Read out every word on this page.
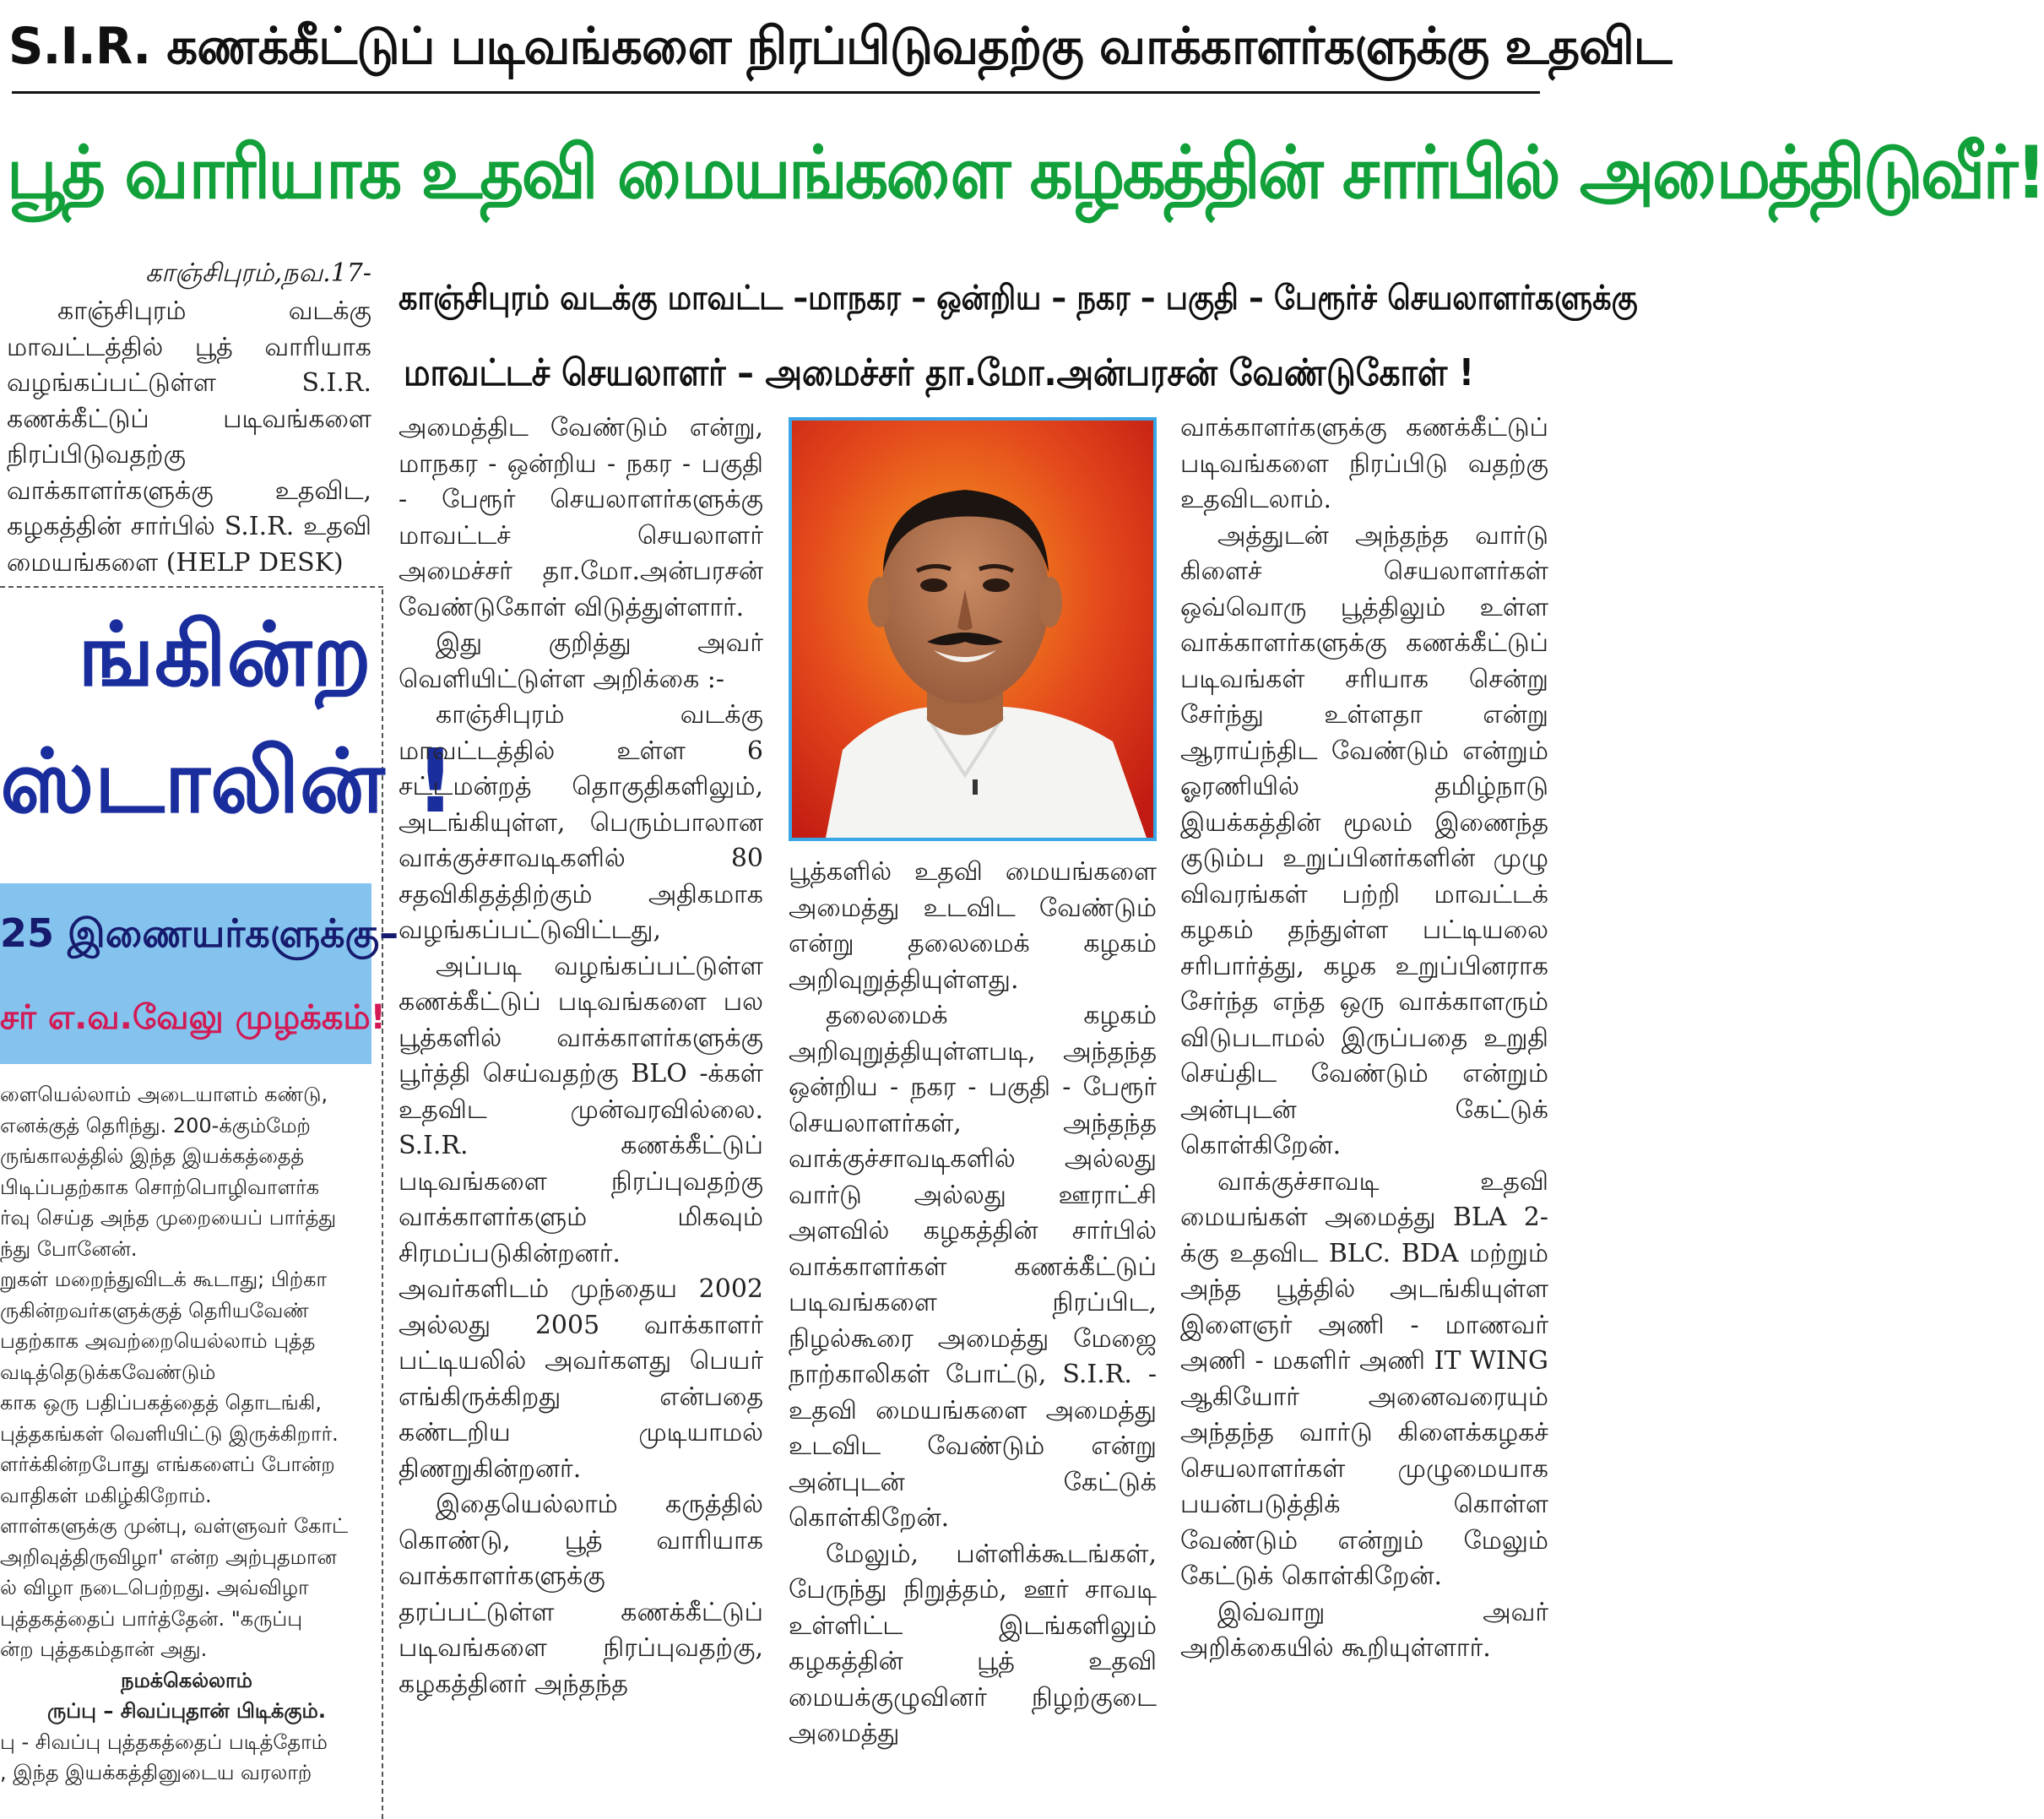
S.I.R. கணக்கீட்டுப் படிவங்களை நிரப்பிடுவதற்கு வாக்காளர்களுக்கு உதவிட
பூத் வாரியாக உதவி மையங்களை கழகத்தின் சார்பில் அமைத்திடுவீர்!
காஞ்சிபுரம்,நவ.17-
காஞ்சிபுரம் வடக்கு மாவட்டத்தில் பூத் வாரியாக வழங்கப்பட்டுள்ள S.I.R. கணக்கீட்டுப் படிவங்களை நிரப்பிடுவதற்கு வாக்காளர்களுக்கு உதவிட, கழகத்தின் சார்பில் S.I.R. உதவி மையங்களை (HELP DESK)
ங்கின்ற
ஸ்டாலின் !
25 இணையர்களுக்கு–
சர் எ.வ.வேலு முழக்கம்!
ளையெல்லாம் அடையாளம் கண்டு,
எனக்குத் தெரிந்து. 200-க்கும்மேற்
ருங்காலத்தில் இந்த இயக்கத்தைத்
பிடிப்பதற்காக சொற்பொழிவாளர்க
ர்வு செய்த அந்த முறையைப் பார்த்து
ந்து போனேன்.
றுகள் மறைந்துவிடக் கூடாது; பிற்கா
ருகின்றவர்களுக்குத் தெரியவேண்
பதற்காக அவற்றையெல்லாம் புத்த
வடித்தெடுக்கவேண்டும்
காக ஒரு பதிப்பகத்தைத் தொடங்கி,
புத்தகங்கள் வெளியிட்டு இருக்கிறார்.
ளர்க்கின்றபோது எங்களைப் போன்ற
வாதிகள் மகிழ்கிறோம்.
ளாள்களுக்கு முன்பு, வள்ளுவர் கோட்
அறிவுத்திருவிழா' என்ற அற்புதமான
ல் விழா நடைபெற்றது. அவ்விழா
புத்தகத்தைப் பார்த்தேன். "கருப்பு
ன்ற புத்தகம்தான் அது.
நமக்கெல்லாம்
ருப்பு – சிவப்புதான் பிடிக்கும்.
பு - சிவப்பு புத்தகத்தைப் படித்தோம்
, இந்த இயக்கத்தினுடைய வரலாற்
காஞ்சிபுரம் வடக்கு மாவட்ட –மாநகர – ஒன்றிய – நகர – பகுதி – பேரூர்ச் செயலாளர்களுக்கு
மாவட்டச் செயலாளர் – அமைச்சர் தா.மோ.அன்பரசன் வேண்டுகோள் !

அமைத்திட வேண்டும் என்று, மாநகர - ஒன்றிய - நகர - பகுதி - பேரூர் செயலாளர்களுக்கு மாவட்டச் செயலாளர் அமைச்சர் தா.மோ.அன்பரசன் வேண்டுகோள் விடுத்துள்ளார்.

இது குறித்து அவர் வெளியிட்டுள்ள அறிக்கை :-

காஞ்சிபுரம் வடக்கு மாவட்டத்தில் உள்ள 6 சட்டமன்றத் தொகுதிகளிலும், அடங்கியுள்ள, பெரும்பாலான வாக்குச்சாவடிகளில் 80 சதவிகிதத்திற்கும் அதிகமாக வழங்கப்பட்டுவிட்டது,

அப்படி வழங்கப்பட்டுள்ள கணக்கீட்டுப் படிவங்களை பல பூத்களில் வாக்காளர்களுக்கு பூர்த்தி செய்வதற்கு BLO -க்கள் உதவிட முன்வரவில்லை. S.I.R. கணக்கீட்டுப் படிவங்களை நிரப்புவதற்கு வாக்காளர்களும் மிகவும் சிரமப்படுகின்றனர். அவர்களிடம் முந்தைய 2002 அல்லது 2005 வாக்காளர் பட்டியலில் அவர்களது பெயர் எங்கிருக்கிறது என்பதை கண்டறிய முடியாமல் திணறுகின்றனர்.

இதையெல்லாம் கருத்தில் கொண்டு, பூத் வாரியாக வாக்காளர்களுக்கு தரப்பட்டுள்ள கணக்கீட்டுப் படிவங்களை நிரப்புவதற்கு, கழகத்தினர் அந்தந்த

பூத்களில் உதவி மையங்களை அமைத்து உடவிட வேண்டும் என்று தலைமைக் கழகம் அறிவுறுத்தியுள்ளது.

தலைமைக் கழகம் அறிவுறுத்தியுள்ளபடி, அந்தந்த ஒன்றிய - நகர - பகுதி - பேரூர் செயலாளர்கள், அந்தந்த வாக்குச்சாவடிகளில் அல்லது வார்டு அல்லது ஊராட்சி அளவில் கழகத்தின் சார்பில் வாக்காளர்கள் கணக்கீட்டுப் படிவங்களை நிரப்பிட, நிழல்கூரை அமைத்து மேஜை நாற்காலிகள் போட்டு, S.I.R. - உதவி மையங்களை அமைத்து உடவிட வேண்டும் என்று அன்புடன் கேட்டுக் கொள்கிறேன்.

மேலும், பள்ளிக்கூடங்கள், பேருந்து நிறுத்தம், ஊர் சாவடி உள்ளிட்ட இடங்களிலும் கழகத்தின் பூத் உதவி மையக்குழுவினர் நிழற்குடை அமைத்து

வாக்காளர்களுக்கு கணக்கீட்டுப் படிவங்களை நிரப்பிடு வதற்கு உதவிடலாம்.

அத்துடன் அந்தந்த வார்டு கிளைச் செயலாளர்கள் ஒவ்வொரு பூத்திலும் உள்ள வாக்காளர்களுக்கு கணக்கீட்டுப் படிவங்கள் சரியாக சென்று சேர்ந்து உள்ளதா என்று ஆராய்ந்திட வேண்டும் என்றும் ஓரணியில் தமிழ்நாடு இயக்கத்தின் மூலம் இணைந்த குடும்ப உறுப்பினர்களின் முழு விவரங்கள் பற்றி மாவட்டக் கழகம் தந்துள்ள பட்டியலை சரிபார்த்து, கழக உறுப்பினராக சேர்ந்த எந்த ஒரு வாக்காளரும் விடுபடாமல் இருப்பதை உறுதி செய்திட வேண்டும் என்றும் அன்புடன் கேட்டுக் கொள்கிறேன்.

வாக்குச்சாவடி உதவி மையங்கள் அமைத்து BLA 2-க்கு உதவிட BLC. BDA மற்றும் அந்த பூத்தில் அடங்கியுள்ள இளைஞர் அணி - மாணவர் அணி - மகளிர் அணி IT WING ஆகியோர் அனைவரையும் அந்தந்த வார்டு கிளைக்கழகச் செயலாளர்கள் முழுமையாக பயன்படுத்திக் கொள்ள வேண்டும் என்றும் மேலும் கேட்டுக் கொள்கிறேன்.

இவ்வாறு அவர் அறிக்கையில் கூறியுள்ளார்.
